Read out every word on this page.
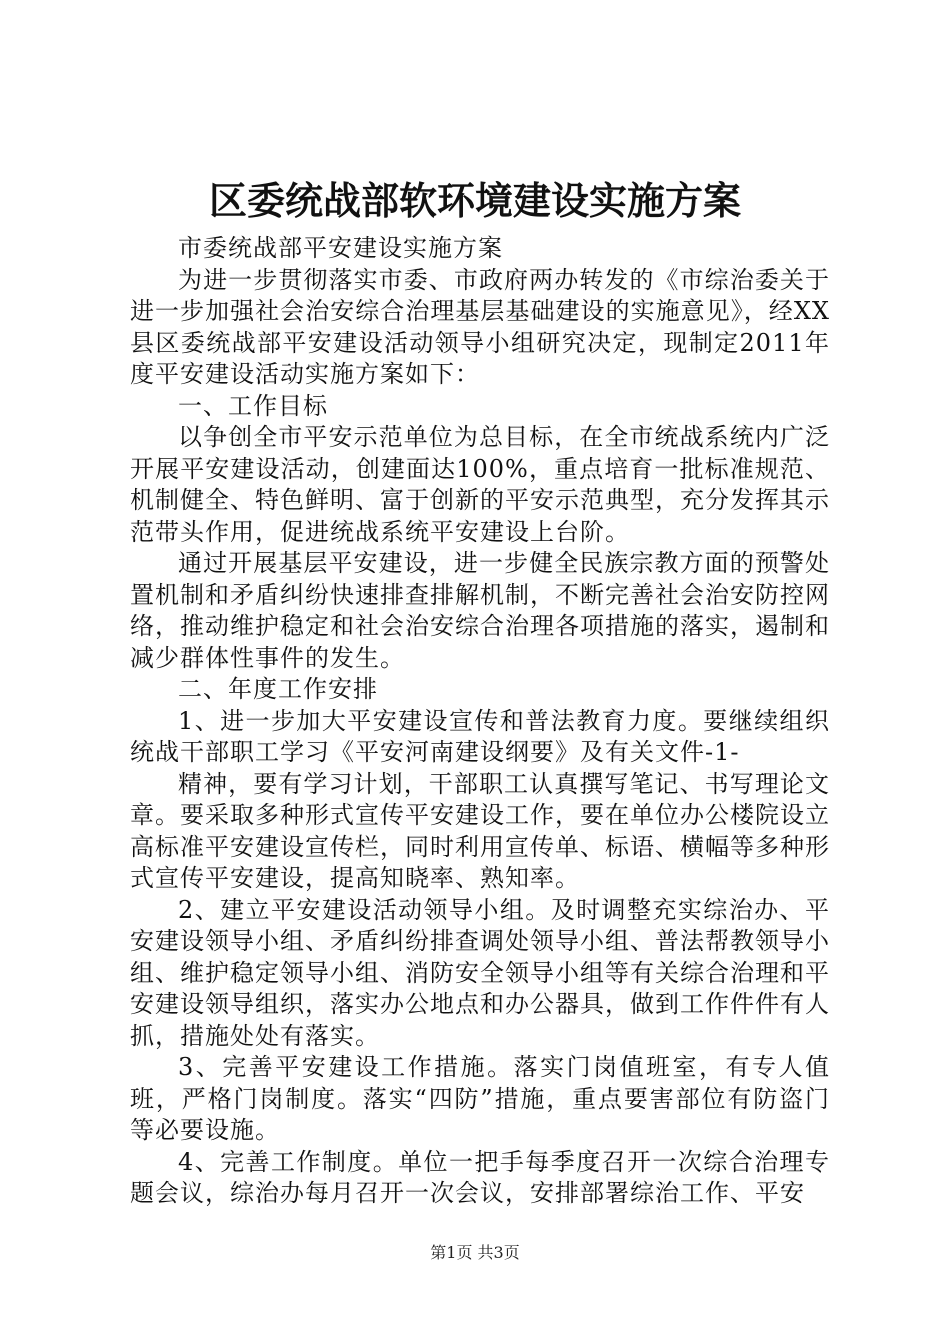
区委统战部软环境建设实施方案

市委统战部平安建设实施方案

为进一步贯彻落实市委、市政府两办转发的《市综治委关于进一步加强社会治安综合治理基层基础建设的实施意见》，经XX县区委统战部平安建设活动领导小组研究决定，现制定2011年度平安建设活动实施方案如下：

一、工作目标

以争创全市平安示范单位为总目标，在全市统战系统内广泛开展平安建设活动，创建面达100%，重点培育一批标准规范、机制健全、特色鲜明、富于创新的平安示范典型，充分发挥其示范带头作用，促进统战系统平安建设上台阶。

通过开展基层平安建设，进一步健全民族宗教方面的预警处置机制和矛盾纠纷快速排查排解机制，不断完善社会治安防控网络，推动维护稳定和社会治安综合治理各项措施的落实，遏制和减少群体性事件的发生。

二、年度工作安排

1、进一步加大平安建设宣传和普法教育力度。要继续组织统战干部职工学习《平安河南建设纲要》及有关文件-1-

精神，要有学习计划，干部职工认真撰写笔记、书写理论文章。要采取多种形式宣传平安建设工作，要在单位办公楼院设立高标准平安建设宣传栏，同时利用宣传单、标语、横幅等多种形式宣传平安建设，提高知晓率、熟知率。

2、建立平安建设活动领导小组。及时调整充实综治办、平安建设领导小组、矛盾纠纷排查调处领导小组、普法帮教领导小组、维护稳定领导小组、消防安全领导小组等有关综合治理和平安建设领导组织，落实办公地点和办公器具，做到工作件件有人抓，措施处处有落实。

3、完善平安建设工作措施。落实门岗值班室，有专人值班，严格门岗制度。落实“四防”措施，重点要害部位有防盗门等必要设施。

4、完善工作制度。单位一把手每季度召开一次综合治理专题会议，综治办每月召开一次会议，安排部署综治工作、平安

第1页 共3页
